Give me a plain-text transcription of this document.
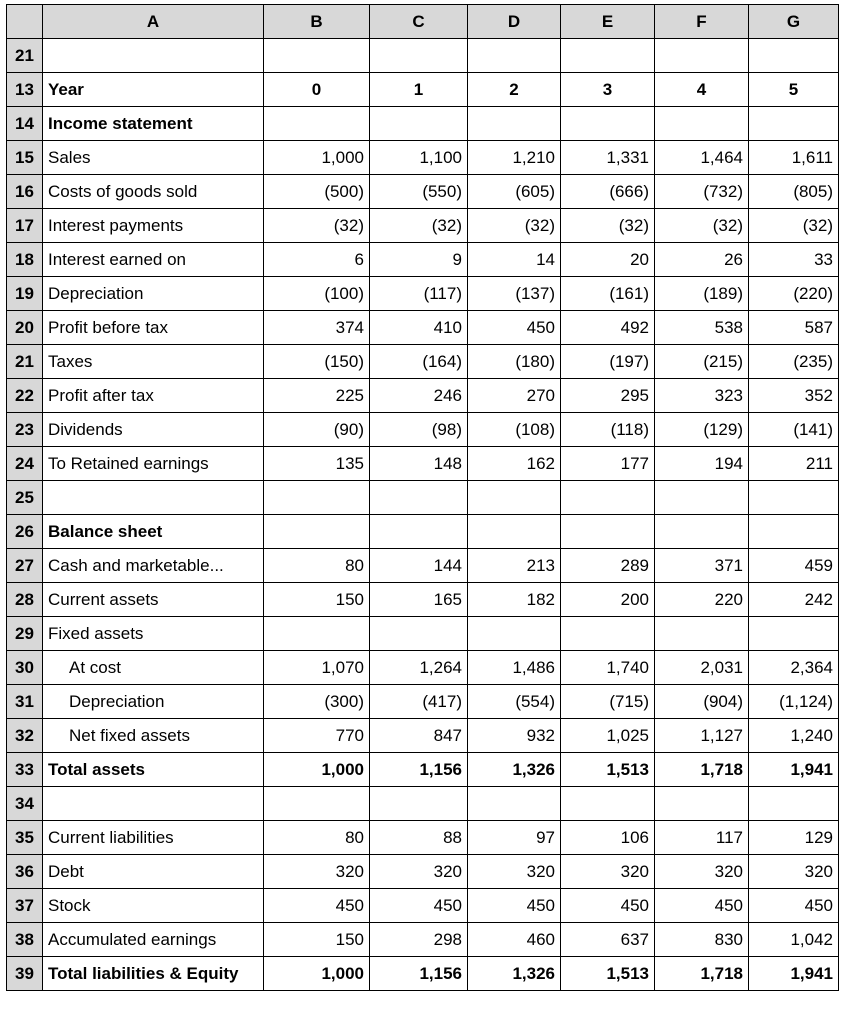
	A	B	C	D	E	F	G
21							
13	Year	0	1	2	3	4	5
14	Income statement						
15	Sales	1,000	1,100	1,210	1,331	1,464	1,611
16	Costs of goods sold	(500)	(550)	(605)	(666)	(732)	(805)
17	Interest payments	(32)	(32)	(32)	(32)	(32)	(32)
18	Interest earned on	6	9	14	20	26	33
19	Depreciation	(100)	(117)	(137)	(161)	(189)	(220)
20	Profit before tax	374	410	450	492	538	587
21	Taxes	(150)	(164)	(180)	(197)	(215)	(235)
22	Profit after tax	225	246	270	295	323	352
23	Dividends	(90)	(98)	(108)	(118)	(129)	(141)
24	To Retained earnings	135	148	162	177	194	211
25							
26	Balance sheet						
27	Cash and marketable...	80	144	213	289	371	459
28	Current assets	150	165	182	200	220	242
29	Fixed assets						
30	At cost	1,070	1,264	1,486	1,740	2,031	2,364
31	Depreciation	(300)	(417)	(554)	(715)	(904)	(1,124)
32	Net fixed assets	770	847	932	1,025	1,127	1,240
33	Total assets	1,000	1,156	1,326	1,513	1,718	1,941
34							
35	Current liabilities	80	88	97	106	117	129
36	Debt	320	320	320	320	320	320
37	Stock	450	450	450	450	450	450
38	Accumulated earnings	150	298	460	637	830	1,042
39	Total liabilities & Equity	1,000	1,156	1,326	1,513	1,718	1,941
